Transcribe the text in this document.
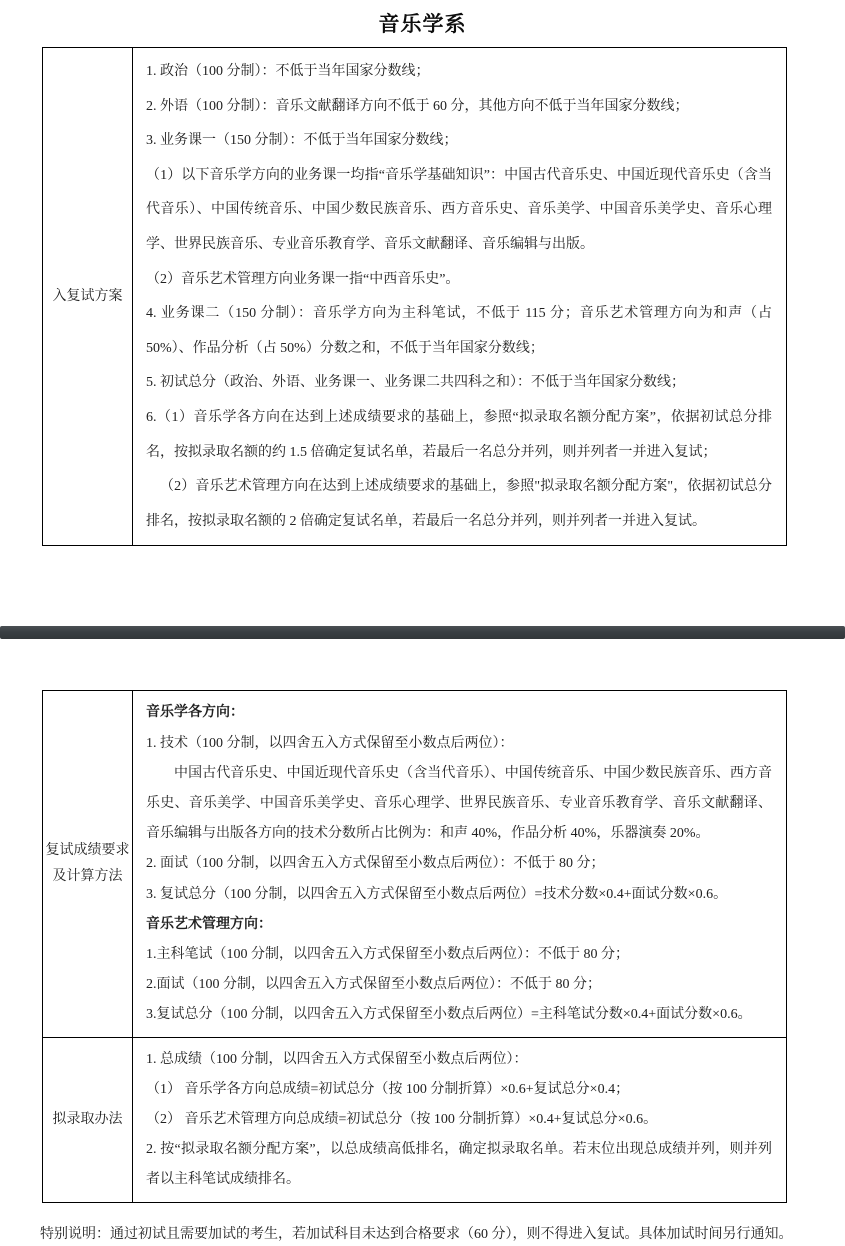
音乐学系
入复试方案

1. 政治（100 分制）：不低于当年国家分数线；

2. 外语（100 分制）：音乐文献翻译方向不低于 60 分，其他方向不低于当年国家分数线；

3. 业务课一（150 分制）：不低于当年国家分数线；

（1）以下音乐学方向的业务课一均指“音乐学基础知识”：中国古代音乐史、中国近现代音乐史（含当代音乐）、中国传统音乐、中国少数民族音乐、西方音乐史、音乐美学、中国音乐美学史、音乐心理学、世界民族音乐、专业音乐教育学、音乐文献翻译、音乐编辑与出版。

（2）音乐艺术管理方向业务课一指“中西音乐史”。

4. 业务课二（150 分制）：音乐学方向为主科笔试，不低于 115 分；音乐艺术管理方向为和声（占 50%）、作品分析（占 50%）分数之和，不低于当年国家分数线；

5. 初试总分（政治、外语、业务课一、业务课二共四科之和）：不低于当年国家分数线；

6.（1）音乐学各方向在达到上述成绩要求的基础上，参照“拟录取名额分配方案”，依据初试总分排名，按拟录取名额的约 1.5 倍确定复试名单，若最后一名总分并列，则并列者一并进入复试；

（2）音乐艺术管理方向在达到上述成绩要求的基础上，参照"拟录取名额分配方案"，依据初试总分排名，按拟录取名额的 2 倍确定复试名单，若最后一名总分并列，则并列者一并进入复试。

复试成绩要求
及计算方法

音乐学各方向：

1. 技术（100 分制，以四舍五入方式保留至小数点后两位）：

中国古代音乐史、中国近现代音乐史（含当代音乐）、中国传统音乐、中国少数民族音乐、西方音乐史、音乐美学、中国音乐美学史、音乐心理学、世界民族音乐、专业音乐教育学、音乐文献翻译、音乐编辑与出版各方向的技术分数所占比例为：和声 40%，作品分析 40%，乐器演奏 20%。

2. 面试（100 分制，以四舍五入方式保留至小数点后两位）：不低于 80 分；

3. 复试总分（100 分制，以四舍五入方式保留至小数点后两位）=技术分数×0.4+面试分数×0.6。

音乐艺术管理方向：

1.主科笔试（100 分制，以四舍五入方式保留至小数点后两位）：不低于 80 分；

2.面试（100 分制，以四舍五入方式保留至小数点后两位）：不低于 80 分；

3.复试总分（100 分制，以四舍五入方式保留至小数点后两位）=主科笔试分数×0.4+面试分数×0.6。

拟录取办法

1. 总成绩（100 分制，以四舍五入方式保留至小数点后两位）：

（1） 音乐学各方向总成绩=初试总分（按 100 分制折算）×0.6+复试总分×0.4；

（2） 音乐艺术管理方向总成绩=初试总分（按 100 分制折算）×0.4+复试总分×0.6。

2. 按“拟录取名额分配方案”，以总成绩高低排名，确定拟录取名单。若末位出现总成绩并列，则并列者以主科笔试成绩排名。

特别说明：通过初试且需要加试的考生，若加试科目未达到合格要求（60 分），则不得进入复试。具体加试时间另行通知。
